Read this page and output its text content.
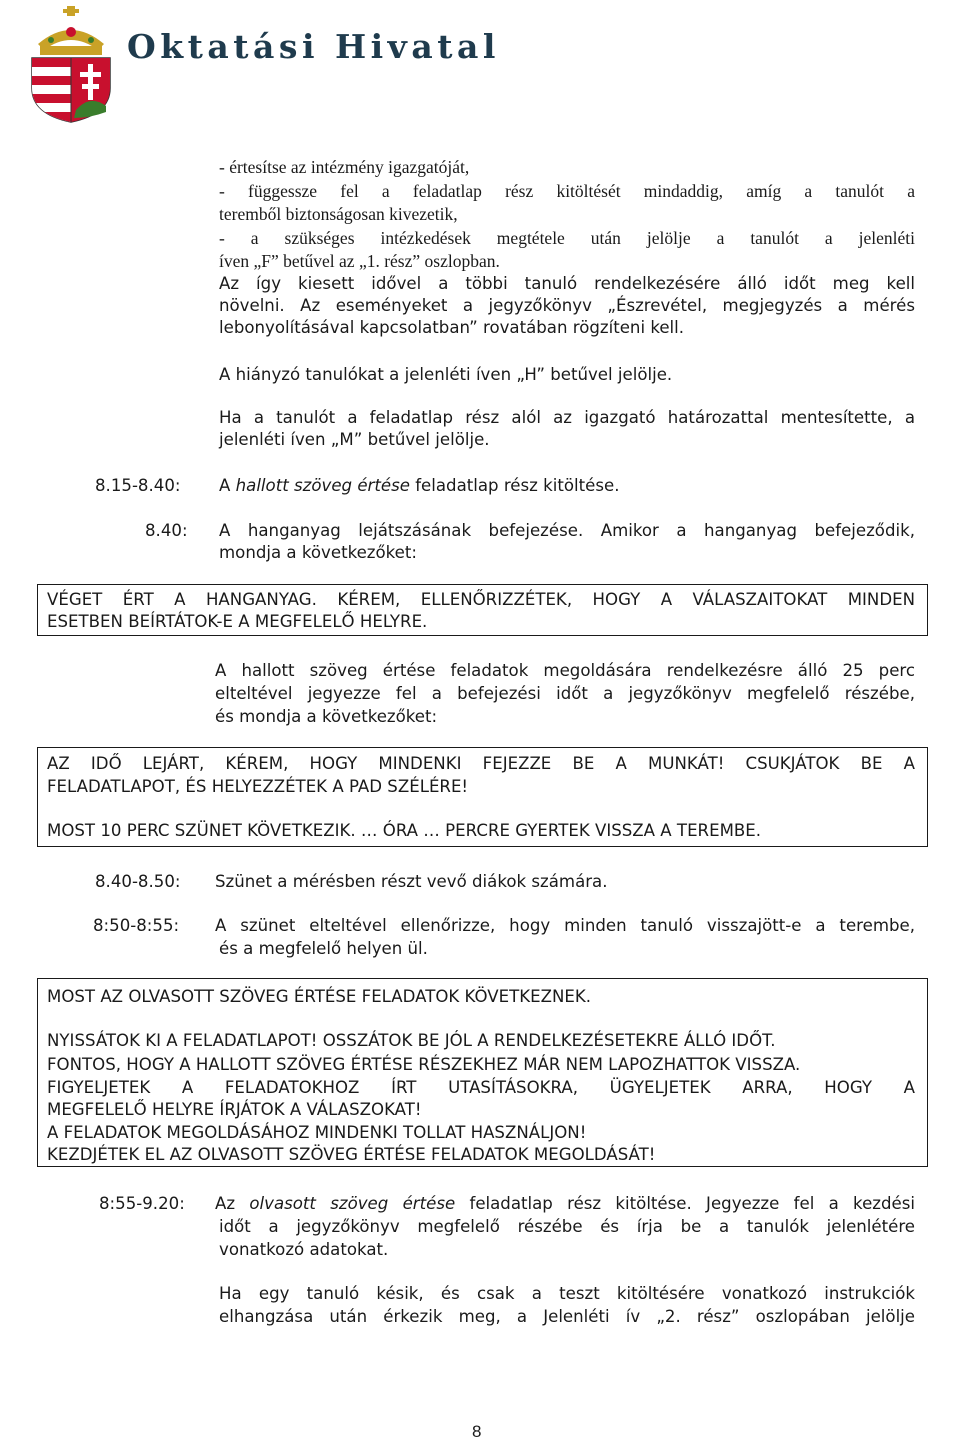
Oktatási Hivatal
- értesítse az intézmény igazgatóját,
- függessze fel a feladatlap rész kitöltését mindaddig, amíg a tanulót a
teremből biztonságosan kivezetik,
- a szükséges intézkedések megtétele után jelölje a tanulót a jelenléti
íven „F” betűvel az „1. rész” oszlopban.
Az így kiesett idővel a többi tanuló rendelkezésére álló időt meg kell
növelni. Az eseményeket a jegyzőkönyv „Észrevétel, megjegyzés a mérés
lebonyolításával kapcsolatban” rovatában rögzíteni kell.
A hiányzó tanulókat a jelenléti íven „H” betűvel jelölje.
Ha a tanulót a feladatlap rész alól az igazgató határozattal mentesítette, a
jelenléti íven „M” betűvel jelölje.
8.15-8.40: A hallott szöveg értése feladatlap rész kitöltése.
8.40: A hanganyag lejátszásának befejezése. Amikor a hanganyag befejeződik,
mondja a következőket:
VÉGET ÉRT A HANGANYAG. KÉREM, ELLENŐRIZZÉTEK, HOGY A VÁLASZAITOKAT MINDEN
ESETBEN BEÍRTÁTOK-E A MEGFELELŐ HELYRE.
A hallott szöveg értése feladatok megoldására rendelkezésre álló 25 perc
elteltével jegyezze fel a befejezési időt a jegyzőkönyv megfelelő részébe,
és mondja a következőket:
AZ IDŐ LEJÁRT, KÉREM, HOGY MINDENKI FEJEZZE BE A MUNKÁT! CSUKJÁTOK BE A
FELADATLAPOT, ÉS HELYEZZÉTEK A PAD SZÉLÉRE!
MOST 10 PERC SZÜNET KÖVETKEZIK. … ÓRA … PERCRE GYERTEK VISSZA A TEREMBE.
8.40-8.50: Szünet a mérésben részt vevő diákok számára.
8:50-8:55: A szünet elteltével ellenőrizze, hogy minden tanuló visszajött-e a terembe,
és a megfelelő helyen ül.
MOST AZ OLVASOTT SZÖVEG ÉRTÉSE FELADATOK KÖVETKEZNEK.
NYISSÁTOK KI A FELADATLAPOT! OSSZÁTOK BE JÓL A RENDELKEZÉSETEKRE ÁLLÓ IDŐT.
FONTOS, HOGY A HALLOTT SZÖVEG ÉRTÉSE RÉSZEKHEZ MÁR NEM LAPOZHATTOK VISSZA.
FIGYELJETEK A FELADATOKHOZ ÍRT UTASÍTÁSOKRA, ÜGYELJETEK ARRA, HOGY A
MEGFELELŐ HELYRE ÍRJÁTOK A VÁLASZOKAT!
A FELADATOK MEGOLDÁSÁHOZ MINDENKI TOLLAT HASZNÁLJON!
KEZDJÉTEK EL AZ OLVASOTT SZÖVEG ÉRTÉSE FELADATOK MEGOLDÁSÁT!
8:55-9.20: Az olvasott szöveg értése feladatlap rész kitöltése. Jegyezze fel a kezdési
időt a jegyzőkönyv megfelelő részébe és írja be a tanulók jelenlétére
vonatkozó adatokat.
Ha egy tanuló késik, és csak a teszt kitöltésére vonatkozó instrukciók
elhangzása után érkezik meg, a Jelenléti ív „2. rész” oszlopában jelölje
8
